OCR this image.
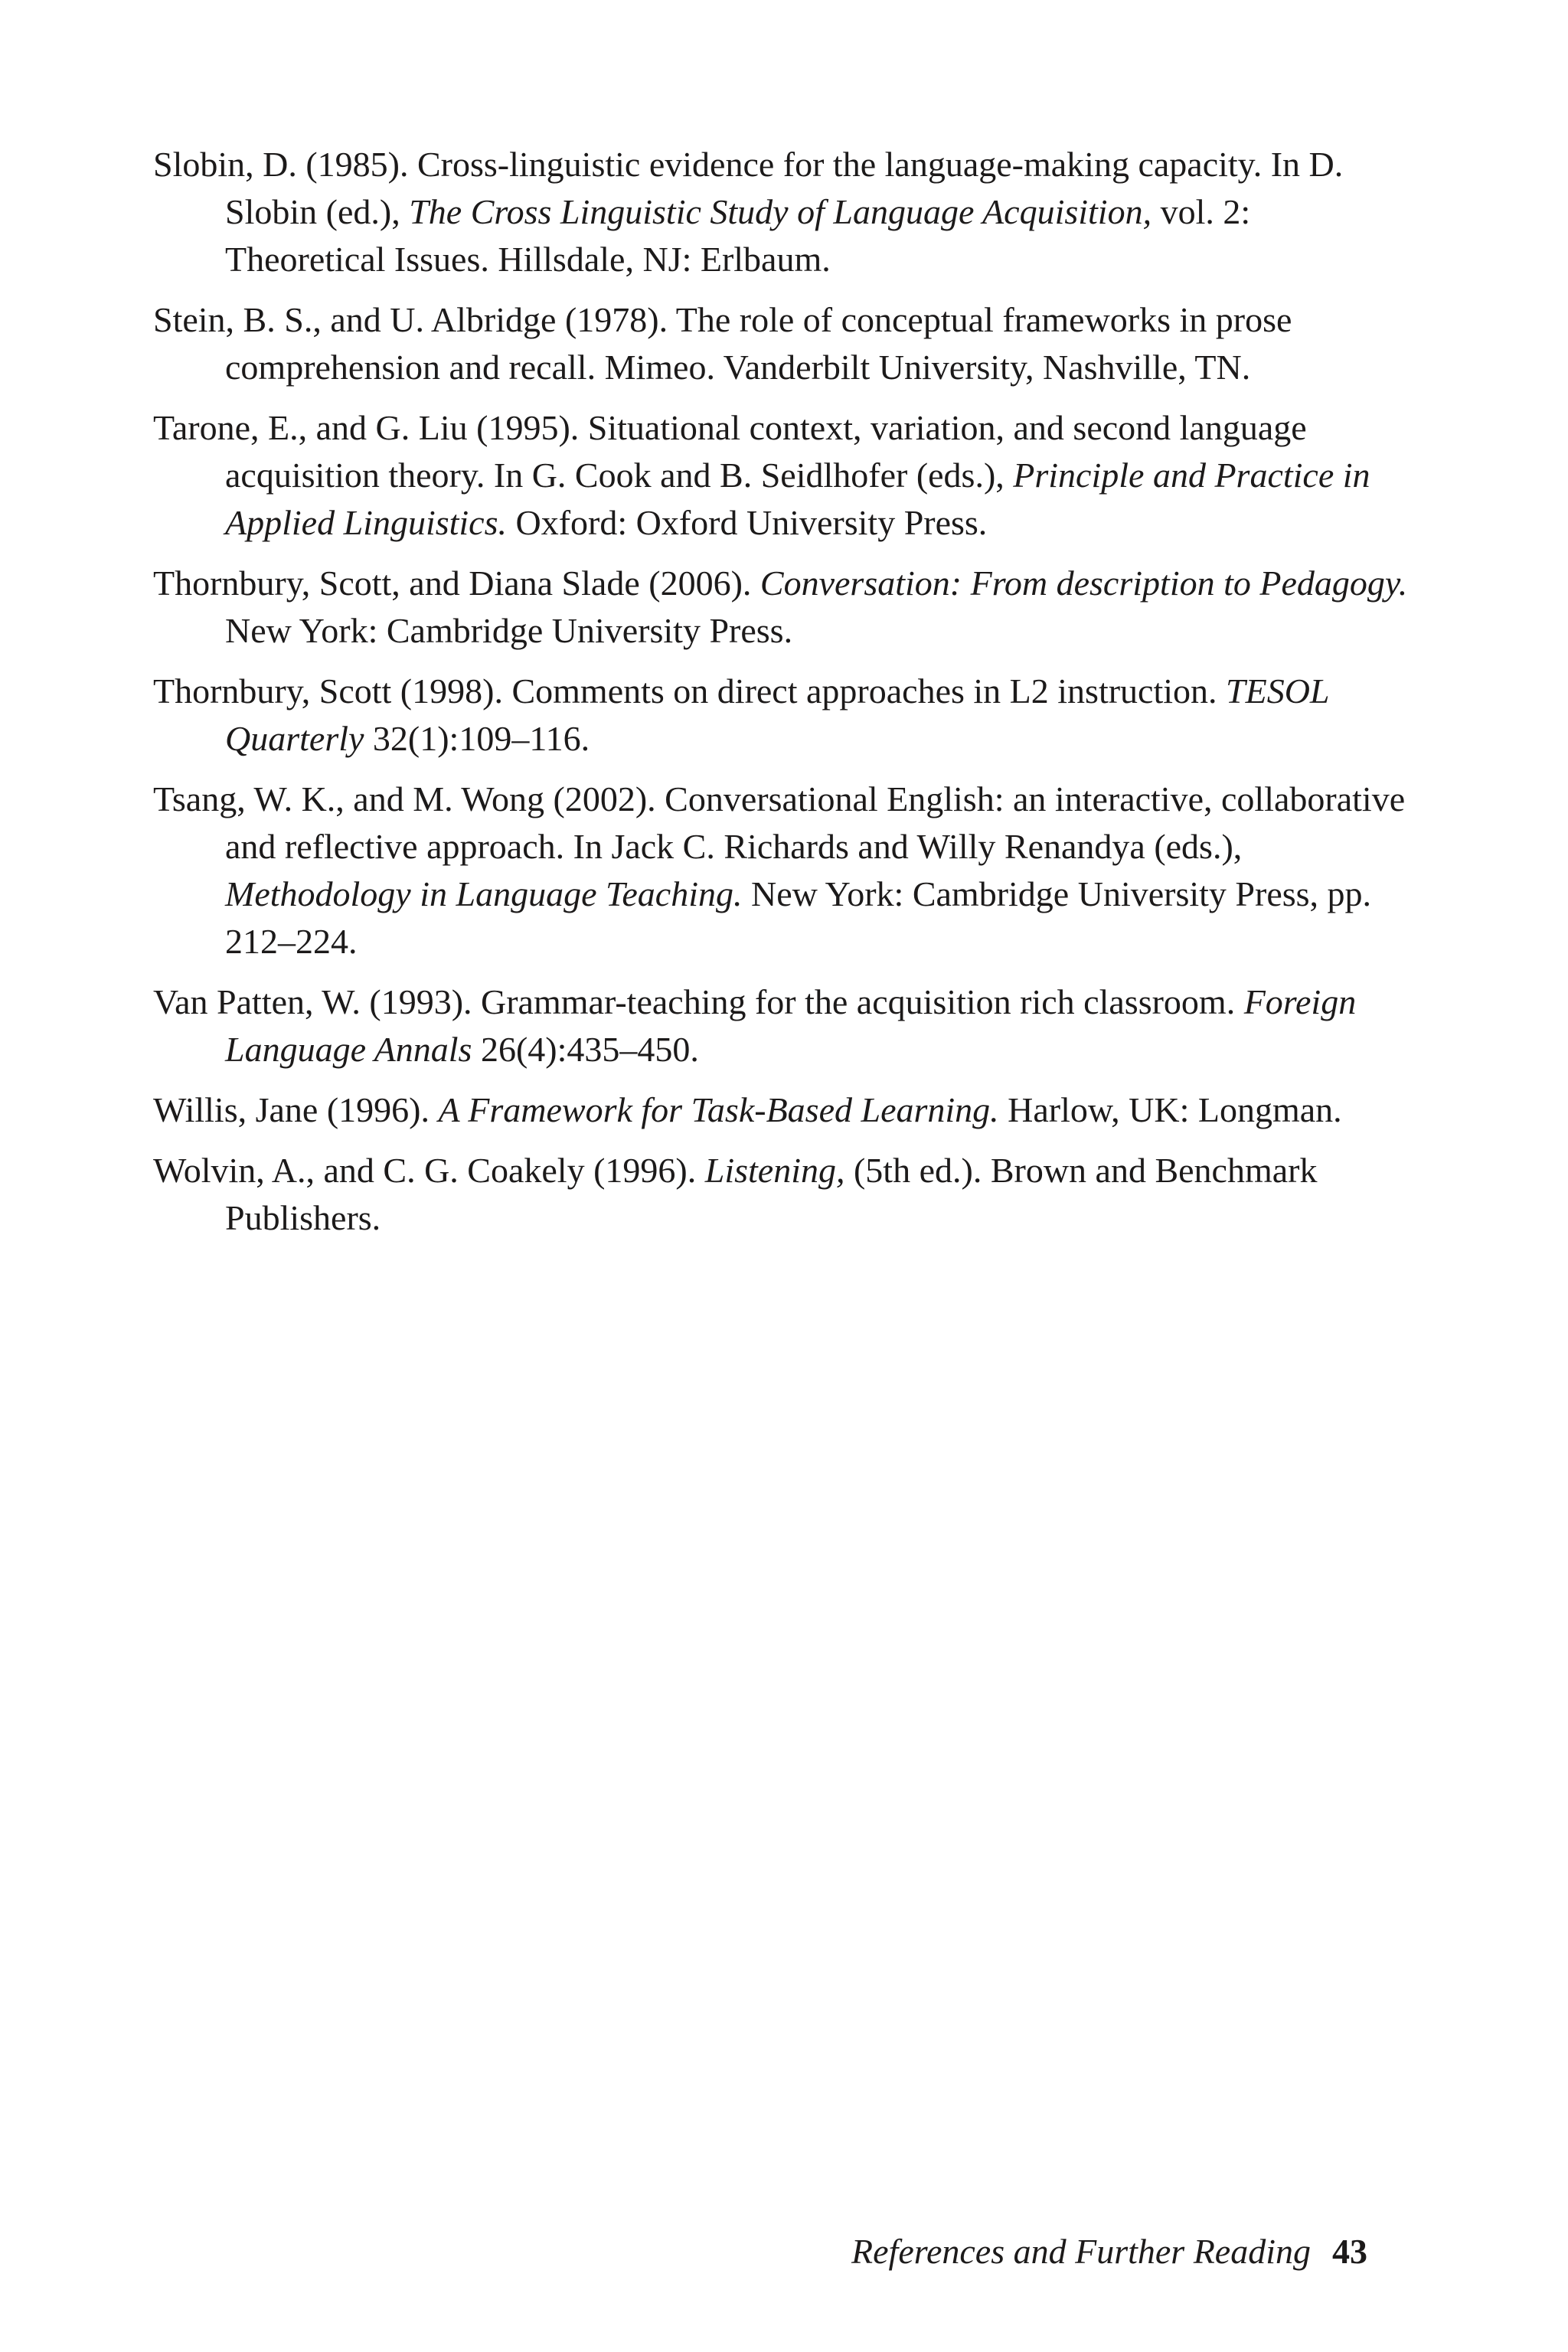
Slobin, D. (1985). Cross-linguistic evidence for the language-making capacity. In D. Slobin (ed.), The Cross Linguistic Study of Language Acquisition, vol. 2: Theoretical Issues. Hillsdale, NJ: Erlbaum.
Stein, B. S., and U. Albridge (1978). The role of conceptual frameworks in prose comprehension and recall. Mimeo. Vanderbilt University, Nashville, TN.
Tarone, E., and G. Liu (1995). Situational context, variation, and second language acquisition theory. In G. Cook and B. Seidlhofer (eds.), Principle and Practice in Applied Linguistics. Oxford: Oxford University Press.
Thornbury, Scott, and Diana Slade (2006). Conversation: From description to Pedagogy. New York: Cambridge University Press.
Thornbury, Scott (1998). Comments on direct approaches in L2 instruction. TESOL Quarterly 32(1):109–116.
Tsang, W. K., and M. Wong (2002). Conversational English: an interactive, collaborative and reflective approach. In Jack C. Richards and Willy Renandya (eds.), Methodology in Language Teaching. New York: Cambridge University Press, pp. 212–224.
Van Patten, W. (1993). Grammar-teaching for the acquisition rich classroom. Foreign Language Annals 26(4):435–450.
Willis, Jane (1996). A Framework for Task-Based Learning. Harlow, UK: Longman.
Wolvin, A., and C. G. Coakely (1996). Listening, (5th ed.). Brown and Benchmark Publishers.
References and Further Reading 43
